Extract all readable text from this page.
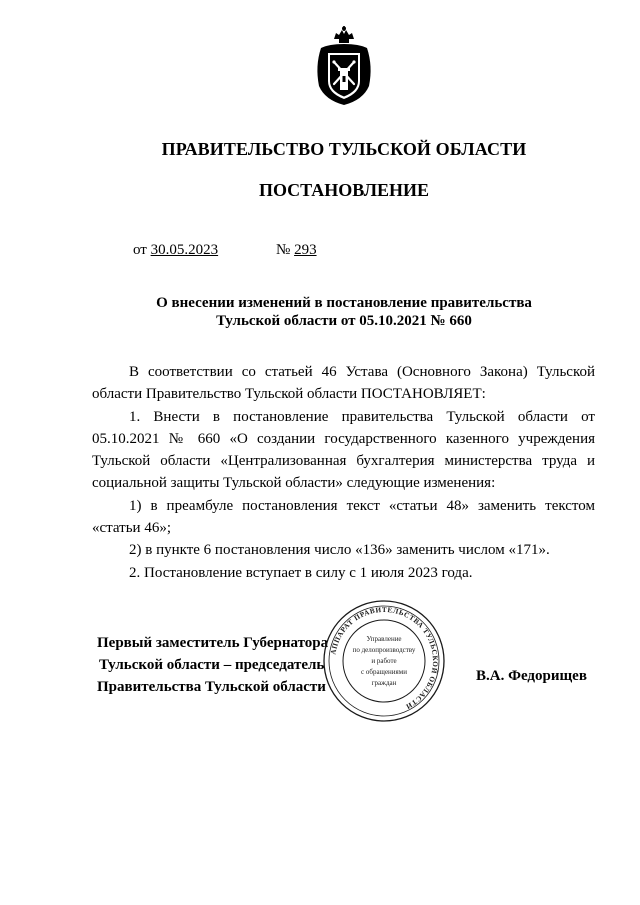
ПРАВИТЕЛЬСТВО ТУЛЬСКОЙ ОБЛАСТИ
ПОСТАНОВЛЕНИЕ
от 30.05.2023	№ 293
О внесении изменений в постановление правительства
Тульской области от 05.10.2021 № 660

В соответствии со статьей 46 Устава (Основного Закона) Тульской области Правительство Тульской области ПОСТАНОВЛЯЕТ:

1. Внести в постановление правительства Тульской области от 05.10.2021 № 660 «О создании государственного казенного учреждения Тульской области «Централизованная бухгалтерия министерства труда и социальной защиты Тульской области» следующие изменения:

1) в преамбуле постановления текст «статьи 48» заменить текстом «статьи 46»;

2) в пункте 6 постановления число «136» заменить числом «171».

2. Постановление вступает в силу с 1 июля 2023 года.

Первый заместитель Губернатора
Тульской области – председатель
Правительства Тульской области
В.А. Федорищев
АППАРАТ ПРАВИТЕЛЬСТВА ТУЛЬСКОЙ ОБЛАСТИ
Управление
по делопроизводству
и работе
с обращениями
граждан
